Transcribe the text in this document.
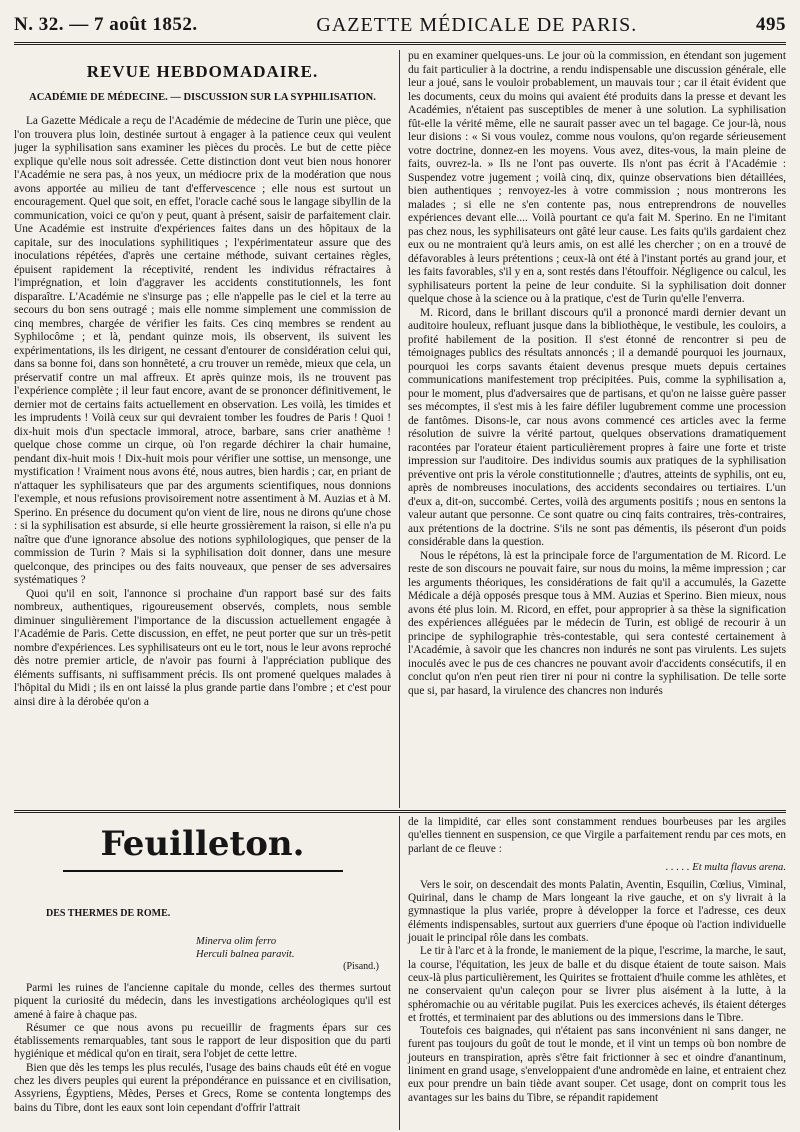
N. 32. — 7 août 1852.	GAZETTE MÉDICALE DE PARIS.	495
REVUE HEBDOMADAIRE.
ACADÉMIE DE MÉDECINE. — DISCUSSION SUR LA SYPHILISATION.

La Gazette Médicale a reçu de l'Académie de médecine de Turin une pièce, que l'on trouvera plus loin, destinée surtout à engager à la patience ceux qui veulent juger la syphilisation sans examiner les pièces du procès. Le but de cette pièce explique qu'elle nous soit adressée. Cette distinction dont veut bien nous honorer l'Académie ne sera pas, à nos yeux, un médiocre prix de la modération que nous avons apportée au milieu de tant d'effervescence ; elle nous est surtout un encouragement. Quel que soit, en effet, l'oracle caché sous le langage sibyllin de la communication, voici ce qu'on y peut, quant à présent, saisir de parfaitement clair. Une Académie est instruite d'expériences faites dans un des hôpitaux de la capitale, sur des inoculations syphilitiques ; l'expérimentateur assure que des inoculations répétées, d'après une certaine méthode, suivant certaines règles, épuisent rapidement la réceptivité, rendent les individus réfractaires à l'imprégnation, et loin d'aggraver les accidents constitutionnels, les font disparaître. L'Académie ne s'insurge pas ; elle n'appelle pas le ciel et la terre au secours du bon sens outragé ; mais elle nomme simplement une commission de cinq membres, chargée de vérifier les faits. Ces cinq membres se rendent au Syphilocôme ; et là, pendant quinze mois, ils observent, ils suivent les expérimentations, ils les dirigent, ne cessant d'entourer de considération celui qui, dans sa bonne foi, dans son honnêteté, a cru trouver un remède, mieux que cela, un préservatif contre un mal affreux. Et après quinze mois, ils ne trouvent pas l'expérience complète ; il leur faut encore, avant de se prononcer définitivement, le dernier mot de certains faits actuellement en observation. Les voilà, les timides et les imprudents ! Voilà ceux sur qui devraient tomber les foudres de Paris ! Quoi ! dix-huit mois d'un spectacle immoral, atroce, barbare, sans crier anathème ! quelque chose comme un cirque, où l'on regarde déchirer la chair humaine, pendant dix-huit mois ! Dix-huit mois pour vérifier une sottise, un mensonge, une mystification ! Vraiment nous avons été, nous autres, bien hardis ; car, en priant de n'attaquer les syphilisateurs que par des arguments scientifiques, nous donnions l'exemple, et nous refusions provisoirement notre assentiment à M. Auzias et à M. Sperino. En présence du document qu'on vient de lire, nous ne dirons qu'une chose : si la syphilisation est absurde, si elle heurte grossièrement la raison, si elle n'a pu naître que d'une ignorance absolue des notions syphilologiques, que penser de la commission de Turin ? Mais si la syphilisation doit donner, dans une mesure quelconque, des principes ou des faits nouveaux, que penser de ses adversaires systématiques ?

Quoi qu'il en soit, l'annonce si prochaine d'un rapport basé sur des faits nombreux, authentiques, rigoureusement observés, complets, nous semble diminuer singulièrement l'importance de la discussion actuellement engagée à l'Académie de Paris. Cette discussion, en effet, ne peut porter que sur un très-petit nombre d'expériences. Les syphilisateurs ont eu le tort, nous le leur avons reproché dès notre premier article, de n'avoir pas fourni à l'appréciation publique des éléments suffisants, ni suffisamment précis. Ils ont promené quelques malades à l'hôpital du Midi ; ils en ont laissé la plus grande partie dans l'ombre ; et c'est pour ainsi dire à la dérobée qu'on a

pu en examiner quelques-uns. Le jour où la commission, en étendant son jugement du fait particulier à la doctrine, a rendu indispensable une discussion générale, elle leur a joué, sans le vouloir probablement, un mauvais tour ; car il était évident que les documents, ceux du moins qui avaient été produits dans la presse et devant les Académies, n'étaient pas susceptibles de mener à une solution. La syphilisation fût-elle la vérité même, elle ne saurait passer avec un tel bagage. Ce jour-là, nous leur disions : « Si vous voulez, comme nous voulons, qu'on regarde sérieusement votre doctrine, donnez-en les moyens. Vous avez, dites-vous, la main pleine de faits, ouvrez-la. » Ils ne l'ont pas ouverte. Ils n'ont pas écrit à l'Académie : Suspendez votre jugement ; voilà cinq, dix, quinze observations bien détaillées, bien authentiques ; renvoyez-les à votre commission ; nous montrerons les malades ; si elle ne s'en contente pas, nous entreprendrons de nouvelles expériences devant elle.... Voilà pourtant ce qu'a fait M. Sperino. En ne l'imitant pas chez nous, les syphilisateurs ont gâté leur cause. Les faits qu'ils gardaient chez eux ou ne montraient qu'à leurs amis, on est allé les chercher ; on en a trouvé de défavorables à leurs prétentions ; ceux-là ont été à l'instant portés au grand jour, et les faits favorables, s'il y en a, sont restés dans l'étouffoir. Négligence ou calcul, les syphilisateurs portent la peine de leur conduite. Si la syphilisation doit donner quelque chose à la science ou à la pratique, c'est de Turin qu'elle l'enverra.

M. Ricord, dans le brillant discours qu'il a prononcé mardi dernier devant un auditoire houleux, refluant jusque dans la bibliothèque, le vestibule, les couloirs, a profité habilement de la position. Il s'est étonné de rencontrer si peu de témoignages publics des résultats annoncés ; il a demandé pourquoi les journaux, pourquoi les corps savants étaient devenus presque muets depuis certaines communications manifestement trop précipitées. Puis, comme la syphilisation a, pour le moment, plus d'adversaires que de partisans, et qu'on ne laisse guère passer ses mécomptes, il s'est mis à les faire défiler lugubrement comme une procession de fantômes. Disons-le, car nous avons commencé ces articles avec la ferme résolution de suivre la vérité partout, quelques observations dramatiquement racontées par l'orateur étaient particulièrement propres à faire une forte et triste impression sur l'auditoire. Des individus soumis aux pratiques de la syphilisation préventive ont pris la vérole constitutionnelle ; d'autres, atteints de syphilis, ont eu, après de nombreuses inoculations, des accidents secondaires ou tertiaires. L'un d'eux a, dit-on, succombé. Certes, voilà des arguments positifs ; nous en sentons la valeur autant que personne. Ce sont quatre ou cinq faits contraires, très-contraires, aux prétentions de la doctrine. S'ils ne sont pas démentis, ils péseront d'un poids considérable dans la question.

Nous le répétons, là est la principale force de l'argumentation de M. Ricord. Le reste de son discours ne pouvait faire, sur nous du moins, la même impression ; car les arguments théoriques, les considérations de fait qu'il a accumulés, la Gazette Médicale a déjà opposés presque tous à MM. Auzias et Sperino. Bien mieux, nous avons été plus loin. M. Ricord, en effet, pour approprier à sa thèse la signification des expériences alléguées par le médecin de Turin, est obligé de recourir à un principe de syphilographie très-contestable, qui sera contesté certainement à l'Académie, à savoir que les chancres non indurés ne sont pas virulents. Les sujets inoculés avec le pus de ces chancres ne pouvant avoir d'accidents consécutifs, il en conclut qu'on n'en peut rien tirer ni pour ni contre la syphilisation. De telle sorte que si, par hasard, la virulence des chancres non indurés

Feuilleton.
DES THERMES DE ROME.
Minerva olim ferro
Herculi balnea paravit.
(Pisand.)

Parmi les ruines de l'ancienne capitale du monde, celles des thermes surtout piquent la curiosité du médecin, dans les investigations archéologiques qu'il est amené à faire à chaque pas.

Résumer ce que nous avons pu recueillir de fragments épars sur ces établissements remarquables, tant sous le rapport de leur disposition que du parti hygiénique et médical qu'on en tirait, sera l'objet de cette lettre.

Bien que dès les temps les plus reculés, l'usage des bains chauds eût été en vogue chez les divers peuples qui eurent la prépondérance en puissance et en civilisation, Assyriens, Égyptiens, Mèdes, Perses et Grecs, Rome se contenta longtemps des bains du Tibre, dont les eaux sont loin cependant d'offrir l'attrait

de la limpidité, car elles sont constamment rendues bourbeuses par les argiles qu'elles tiennent en suspension, ce que Virgile a parfaitement rendu par ces mots, en parlant de ce fleuve :

. . . . . Et multa flavus arena.

Vers le soir, on descendait des monts Palatin, Aventin, Esquilin, Cœlius, Viminal, Quirinal, dans le champ de Mars longeant la rive gauche, et on s'y livrait à la gymnastique la plus variée, propre à développer la force et l'adresse, ces deux éléments indispensables, surtout aux guerriers d'une époque où l'action individuelle jouait le principal rôle dans les combats.

Le tir à l'arc et à la fronde, le maniement de la pique, l'escrime, la marche, le saut, la course, l'équitation, les jeux de balle et du disque étaient de toute saison. Mais ceux-là plus particulièrement, les Quirites se frottaient d'huile comme les athlètes, et ne conservaient qu'un caleçon pour se livrer plus aisément à la lutte, à la sphéromachie ou au véritable pugilat. Puis les exercices achevés, ils étaient déterges et frottés, et terminaient par des ablutions ou des immersions dans le Tibre.

Toutefois ces baignades, qui n'étaient pas sans inconvénient ni sans danger, ne furent pas toujours du goût de tout le monde, et il vint un temps où bon nombre de jouteurs en transpiration, après s'être fait frictionner à sec et oindre d'anantinum, liniment en grand usage, s'enveloppaient d'une andromède en laine, et entraient chez eux pour prendre un bain tiède avant souper. Cet usage, dont on comprit tous les avantages sur les bains du Tibre, se répandit rapidement
